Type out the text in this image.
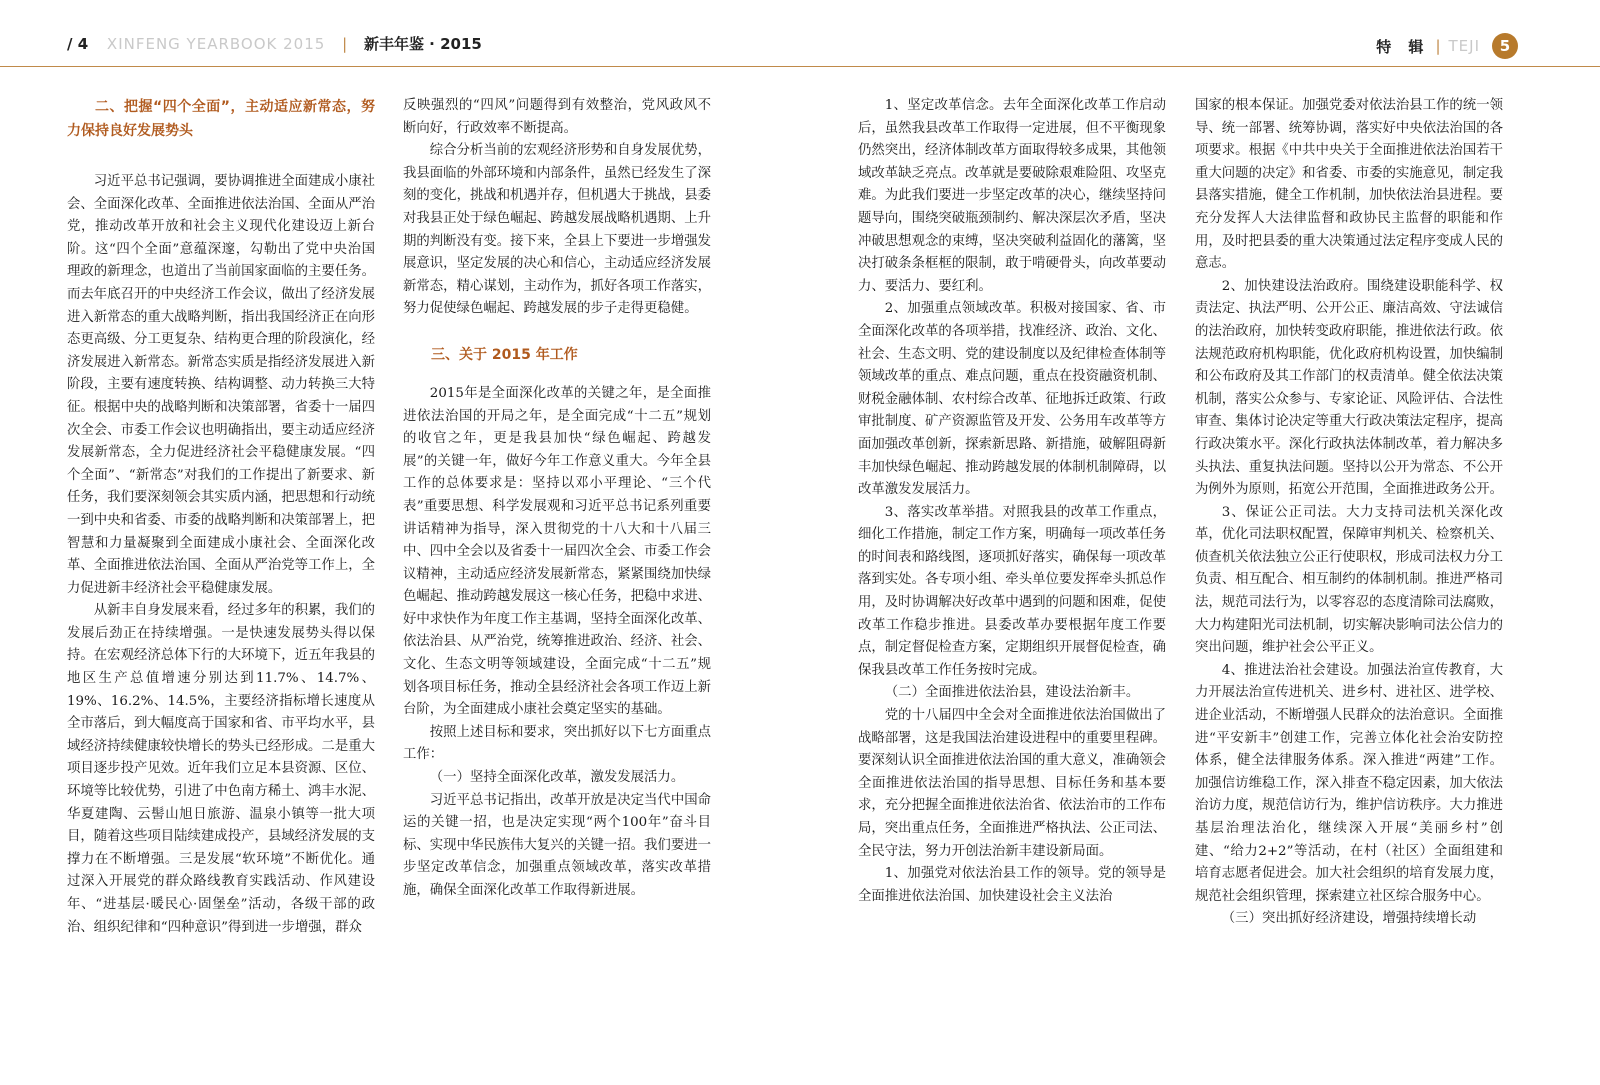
/ 4 XINFENG YEARBOOK 2015 | 新丰年鉴 · 2015	特 辑 | TEJI	5
二、把握“四个全面”，主动适应新常态，努力保持良好发展势头

习近平总书记强调，要协调推进全面建成小康社会、全面深化改革、全面推进依法治国、全面从严治党，推动改革开放和社会主义现代化建设迈上新台阶。这“四个全面”意蕴深邃，勾勒出了党中央治国理政的新理念，也道出了当前国家面临的主要任务。而去年底召开的中央经济工作会议，做出了经济发展进入新常态的重大战略判断，指出我国经济正在向形态更高级、分工更复杂、结构更合理的阶段演化，经济发展进入新常态。新常态实质是指经济发展进入新阶段，主要有速度转换、结构调整、动力转换三大特征。根据中央的战略判断和决策部署，省委十一届四次全会、市委工作会议也明确指出，要主动适应经济发展新常态，全力促进经济社会平稳健康发展。“四个全面”、“新常态”对我们的工作提出了新要求、新任务，我们要深刻领会其实质内涵，把思想和行动统一到中央和省委、市委的战略判断和决策部署上，把智慧和力量凝聚到全面建成小康社会、全面深化改革、全面推进依法治国、全面从严治党等工作上，全力促进新丰经济社会平稳健康发展。

从新丰自身发展来看，经过多年的积累，我们的发展后劲正在持续增强。一是快速发展势头得以保持。在宏观经济总体下行的大环境下，近五年我县的地区生产总值增速分别达到11.7%、14.7%、19%、16.2%、14.5%，主要经济指标增长速度从全市落后，到大幅度高于国家和省、市平均水平，县域经济持续健康较快增长的势头已经形成。二是重大项目逐步投产见效。近年我们立足本县资源、区位、环境等比较优势，引进了中色南方稀土、鸿丰水泥、华夏建陶、云髻山旭日旅游、温泉小镇等一批大项目，随着这些项目陆续建成投产，县域经济发展的支撑力在不断增强。三是发展“软环境”不断优化。通过深入开展党的群众路线教育实践活动、作风建设年、“进基层·暖民心·固堡垒”活动，各级干部的政治、组织纪律和“四种意识”得到进一步增强，群众

反映强烈的“四风”问题得到有效整治，党风政风不断向好，行政效率不断提高。

综合分析当前的宏观经济形势和自身发展优势，我县面临的外部环境和内部条件，虽然已经发生了深刻的变化，挑战和机遇并存，但机遇大于挑战，县委对我县正处于绿色崛起、跨越发展战略机遇期、上升期的判断没有变。接下来，全县上下要进一步增强发展意识，坚定发展的决心和信心，主动适应经济发展新常态，精心谋划，主动作为，抓好各项工作落实，努力促使绿色崛起、跨越发展的步子走得更稳健。

三、关于 2015 年工作

2015年是全面深化改革的关键之年，是全面推进依法治国的开局之年，是全面完成“十二五”规划的收官之年，更是我县加快“绿色崛起、跨越发展”的关键一年，做好今年工作意义重大。今年全县工作的总体要求是：坚持以邓小平理论、“三个代表”重要思想、科学发展观和习近平总书记系列重要讲话精神为指导，深入贯彻党的十八大和十八届三中、四中全会以及省委十一届四次全会、市委工作会议精神，主动适应经济发展新常态，紧紧围绕加快绿色崛起、推动跨越发展这一核心任务，把稳中求进、好中求快作为年度工作主基调，坚持全面深化改革、依法治县、从严治党，统筹推进政治、经济、社会、文化、生态文明等领域建设，全面完成“十二五”规划各项目标任务，推动全县经济社会各项工作迈上新台阶，为全面建成小康社会奠定坚实的基础。

按照上述目标和要求，突出抓好以下七方面重点工作：

（一）坚持全面深化改革，激发发展活力。

习近平总书记指出，改革开放是决定当代中国命运的关键一招，也是决定实现“两个100年”奋斗目标、实现中华民族伟大复兴的关键一招。我们要进一步坚定改革信念，加强重点领域改革，落实改革措施，确保全面深化改革工作取得新进展。

1、坚定改革信念。去年全面深化改革工作启动后，虽然我县改革工作取得一定进展，但不平衡现象仍然突出，经济体制改革方面取得较多成果，其他领域改革缺乏亮点。改革就是要破除艰难险阻、攻坚克难。为此我们要进一步坚定改革的决心，继续坚持问题导向，围绕突破瓶颈制约、解决深层次矛盾，坚决冲破思想观念的束缚，坚决突破利益固化的藩篱，坚决打破条条框框的限制，敢于啃硬骨头，向改革要动力、要活力、要红利。

2、加强重点领域改革。积极对接国家、省、市全面深化改革的各项举措，找准经济、政治、文化、社会、生态文明、党的建设制度以及纪律检查体制等领域改革的重点、难点问题，重点在投资融资机制、财税金融体制、农村综合改革、征地拆迁政策、行政审批制度、矿产资源监管及开发、公务用车改革等方面加强改革创新，探索新思路、新措施，破解阻碍新丰加快绿色崛起、推动跨越发展的体制机制障碍，以改革激发发展活力。

3、落实改革举措。对照我县的改革工作重点，细化工作措施，制定工作方案，明确每一项改革任务的时间表和路线图，逐项抓好落实，确保每一项改革落到实处。各专项小组、牵头单位要发挥牵头抓总作用，及时协调解决好改革中遇到的问题和困难，促使改革工作稳步推进。县委改革办要根据年度工作要点，制定督促检查方案，定期组织开展督促检查，确保我县改革工作任务按时完成。

（二）全面推进依法治县，建设法治新丰。

党的十八届四中全会对全面推进依法治国做出了战略部署，这是我国法治建设进程中的重要里程碑。要深刻认识全面推进依法治国的重大意义，准确领会全面推进依法治国的指导思想、目标任务和基本要求，充分把握全面推进依法治省、依法治市的工作布局，突出重点任务，全面推进严格执法、公正司法、全民守法，努力开创法治新丰建设新局面。

1、加强党对依法治县工作的领导。党的领导是全面推进依法治国、加快建设社会主义法治

国家的根本保证。加强党委对依法治县工作的统一领导、统一部署、统筹协调，落实好中央依法治国的各项要求。根据《中共中央关于全面推进依法治国若干重大问题的决定》和省委、市委的实施意见，制定我县落实措施，健全工作机制，加快依法治县进程。要充分发挥人大法律监督和政协民主监督的职能和作用，及时把县委的重大决策通过法定程序变成人民的意志。

2、加快建设法治政府。围绕建设职能科学、权责法定、执法严明、公开公正、廉洁高效、守法诚信的法治政府，加快转变政府职能，推进依法行政。依法规范政府机构职能，优化政府机构设置，加快编制和公布政府及其工作部门的权责清单。健全依法决策机制，落实公众参与、专家论证、风险评估、合法性审查、集体讨论决定等重大行政决策法定程序，提高行政决策水平。深化行政执法体制改革，着力解决多头执法、重复执法问题。坚持以公开为常态、不公开为例外为原则，拓宽公开范围，全面推进政务公开。

3、保证公正司法。大力支持司法机关深化改革，优化司法职权配置，保障审判机关、检察机关、侦查机关依法独立公正行使职权，形成司法权力分工负责、相互配合、相互制约的体制机制。推进严格司法，规范司法行为，以零容忍的态度清除司法腐败，大力构建阳光司法机制，切实解决影响司法公信力的突出问题，维护社会公平正义。

4、推进法治社会建设。加强法治宣传教育，大力开展法治宣传进机关、进乡村、进社区、进学校、进企业活动，不断增强人民群众的法治意识。全面推进“平安新丰”创建工作，完善立体化社会治安防控体系，健全法律服务体系。深入推进“两建”工作。加强信访维稳工作，深入排查不稳定因素，加大依法治访力度，规范信访行为，维护信访秩序。大力推进基层治理法治化，继续深入开展“美丽乡村”创建、“给力2+2”等活动，在村（社区）全面组建和培育志愿者促进会。加大社会组织的培育发展力度，规范社会组织管理，探索建立社区综合服务中心。

（三）突出抓好经济建设，增强持续增长动
